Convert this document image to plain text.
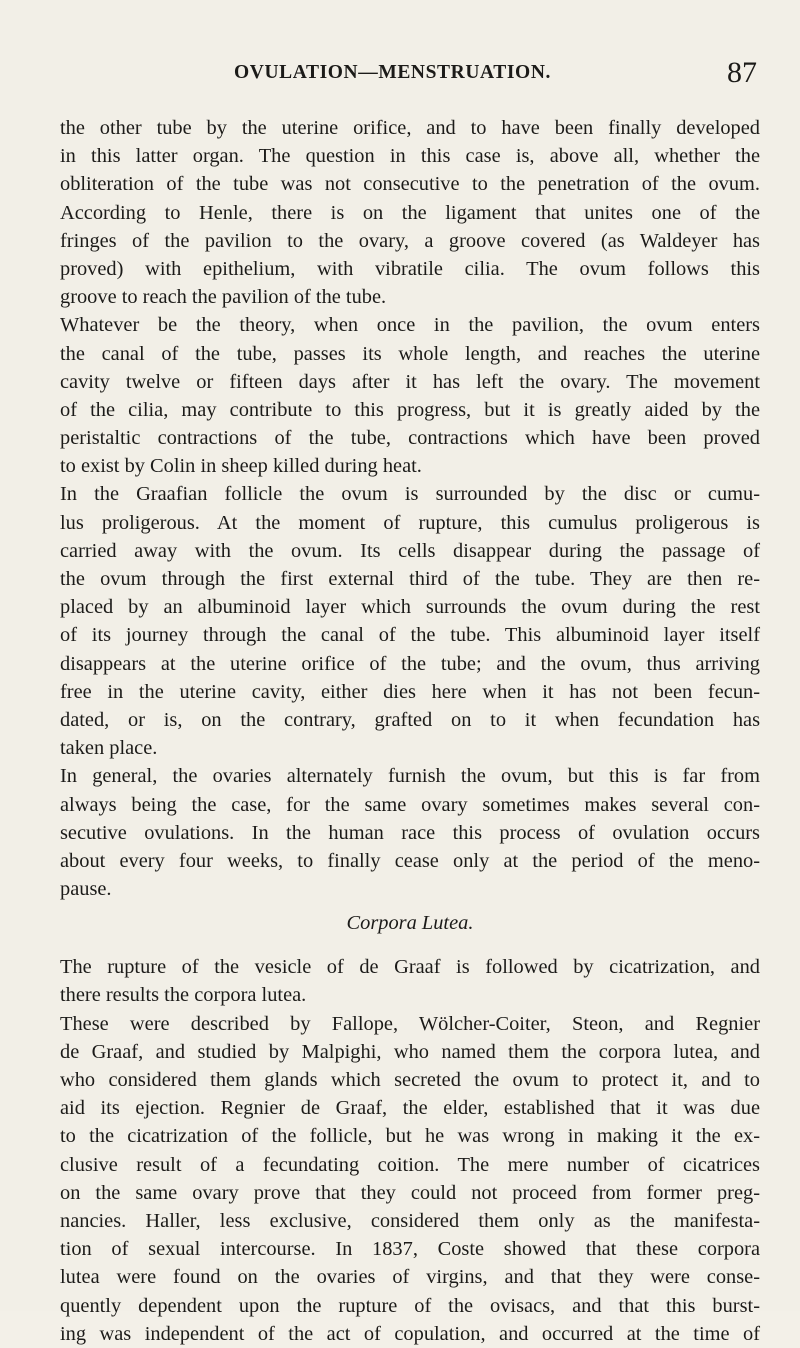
OVULATION—MENSTRUATION.	87
the other tube by the uterine orifice, and to have been finally developed
in this latter organ. The question in this case is, above all, whether the
obliteration of the tube was not consecutive to the penetration of the ovum.
According to Henle, there is on the ligament that unites one of the
fringes of the pavilion to the ovary, a groove covered (as Waldeyer has
proved) with epithelium, with vibratile cilia. The ovum follows this
groove to reach the pavilion of the tube.
Whatever be the theory, when once in the pavilion, the ovum enters
the canal of the tube, passes its whole length, and reaches the uterine
cavity twelve or fifteen days after it has left the ovary. The movement
of the cilia, may contribute to this progress, but it is greatly aided by the
peristaltic contractions of the tube, contractions which have been proved
to exist by Colin in sheep killed during heat.
In the Graafian follicle the ovum is surrounded by the disc or cumu-
lus proligerous. At the moment of rupture, this cumulus proligerous is
carried away with the ovum. Its cells disappear during the passage of
the ovum through the first external third of the tube. They are then re-
placed by an albuminoid layer which surrounds the ovum during the rest
of its journey through the canal of the tube. This albuminoid layer itself
disappears at the uterine orifice of the tube; and the ovum, thus arriving
free in the uterine cavity, either dies here when it has not been fecun-
dated, or is, on the contrary, grafted on to it when fecundation has
taken place.
In general, the ovaries alternately furnish the ovum, but this is far from
always being the case, for the same ovary sometimes makes several con-
secutive ovulations. In the human race this process of ovulation occurs
about every four weeks, to finally cease only at the period of the meno-
pause.
Corpora Lutea.
The rupture of the vesicle of de Graaf is followed by cicatrization, and
there results the corpora lutea.
These were described by Fallope, Wölcher-Coiter, Steon, and Regnier
de Graaf, and studied by Malpighi, who named them the corpora lutea, and
who considered them glands which secreted the ovum to protect it, and to
aid its ejection. Regnier de Graaf, the elder, established that it was due
to the cicatrization of the follicle, but he was wrong in making it the ex-
clusive result of a fecundating coition. The mere number of cicatrices
on the same ovary prove that they could not proceed from former preg-
nancies. Haller, less exclusive, considered them only as the manifesta-
tion of sexual intercourse. In 1837, Coste showed that these corpora
lutea were found on the ovaries of virgins, and that they were conse-
quently dependent upon the rupture of the ovisacs, and that this burst-
ing was independent of the act of copulation, and occurred at the time of
